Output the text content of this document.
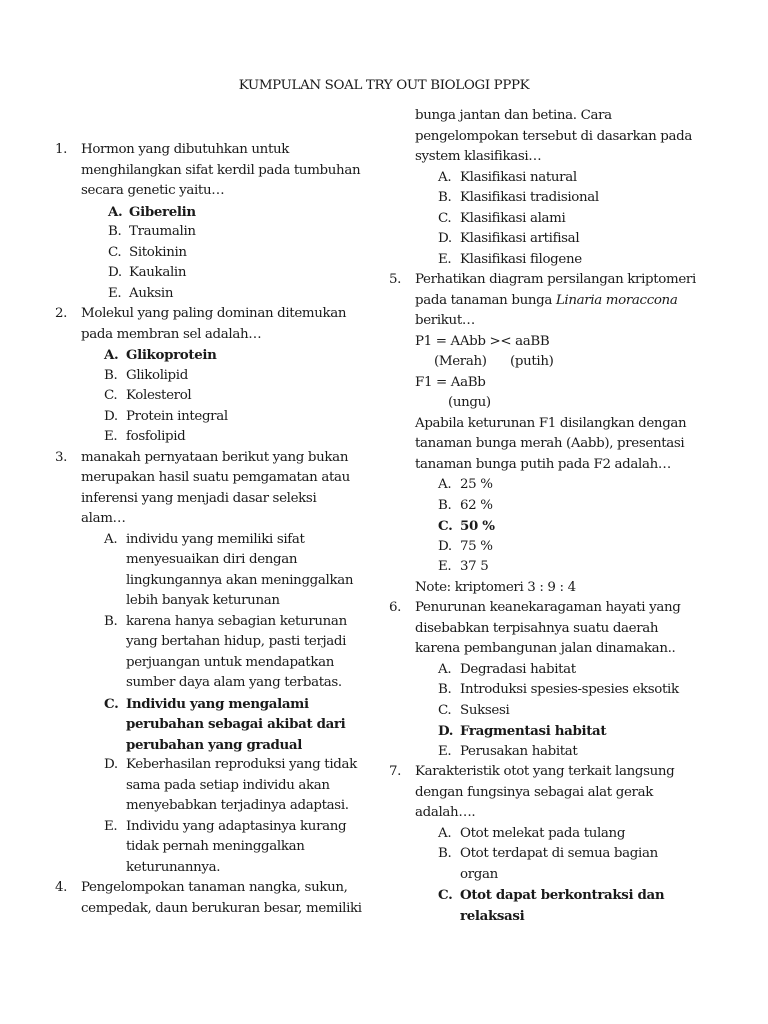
KUMPULAN SOAL TRY OUT BIOLOGI PPPK
1. Hormon yang dibutuhkan untuk
menghilangkan sifat kerdil pada tumbuhan
secara genetic yaitu…
A. Giberelin
B. Traumalin
C. Sitokinin
D. Kaukalin
E. Auksin
2. Molekul yang paling dominan ditemukan
pada membran sel adalah…
A. Glikoprotein
B. Glikolipid
C. Kolesterol
D. Protein integral
E. fosfolipid
3. manakah pernyataan berikut yang bukan
merupakan hasil suatu pemgamatan atau
inferensi yang menjadi dasar seleksi
alam…
A. individu yang memiliki sifat
menyesuaikan diri dengan
lingkungannya akan meninggalkan
lebih banyak keturunan
B. karena hanya sebagian keturunan
yang bertahan hidup, pasti terjadi
perjuangan untuk mendapatkan
sumber daya alam yang terbatas.
C. Individu yang mengalami
perubahan sebagai akibat dari
perubahan yang gradual
D. Keberhasilan reproduksi yang tidak
sama pada setiap individu akan
menyebabkan terjadinya adaptasi.
E. Individu yang adaptasinya kurang
tidak pernah meninggalkan
keturunannya.
4. Pengelompokan tanaman nangka, sukun,
cempedak, daun berukuran besar, memiliki
bunga jantan dan betina. Cara
pengelompokan tersebut di dasarkan pada
system klasifikasi…
A. Klasifikasi natural
B. Klasifikasi tradisional
C. Klasifikasi alami
D. Klasifikasi artifisal
E. Klasifikasi filogene
5. Perhatikan diagram persilangan kriptomeri
pada tanaman bunga Linaria moraccona
berikut…
P1 = AAbb >< aaBB
(Merah) (putih)
F1 = AaBb
(ungu)
Apabila keturunan F1 disilangkan dengan
tanaman bunga merah (Aabb), presentasi
tanaman bunga putih pada F2 adalah…
A. 25 %
B. 62 %
C. 50 %
D. 75 %
E. 37 5
Note: kriptomeri 3 : 9 : 4
6. Penurunan keanekaragaman hayati yang
disebabkan terpisahnya suatu daerah
karena pembangunan jalan dinamakan..
A. Degradasi habitat
B. Introduksi spesies-spesies eksotik
C. Suksesi
D. Fragmentasi habitat
E. Perusakan habitat
7. Karakteristik otot yang terkait langsung
dengan fungsinya sebagai alat gerak
adalah….
A. Otot melekat pada tulang
B. Otot terdapat di semua bagian
organ
C. Otot dapat berkontraksi dan
relaksasi
